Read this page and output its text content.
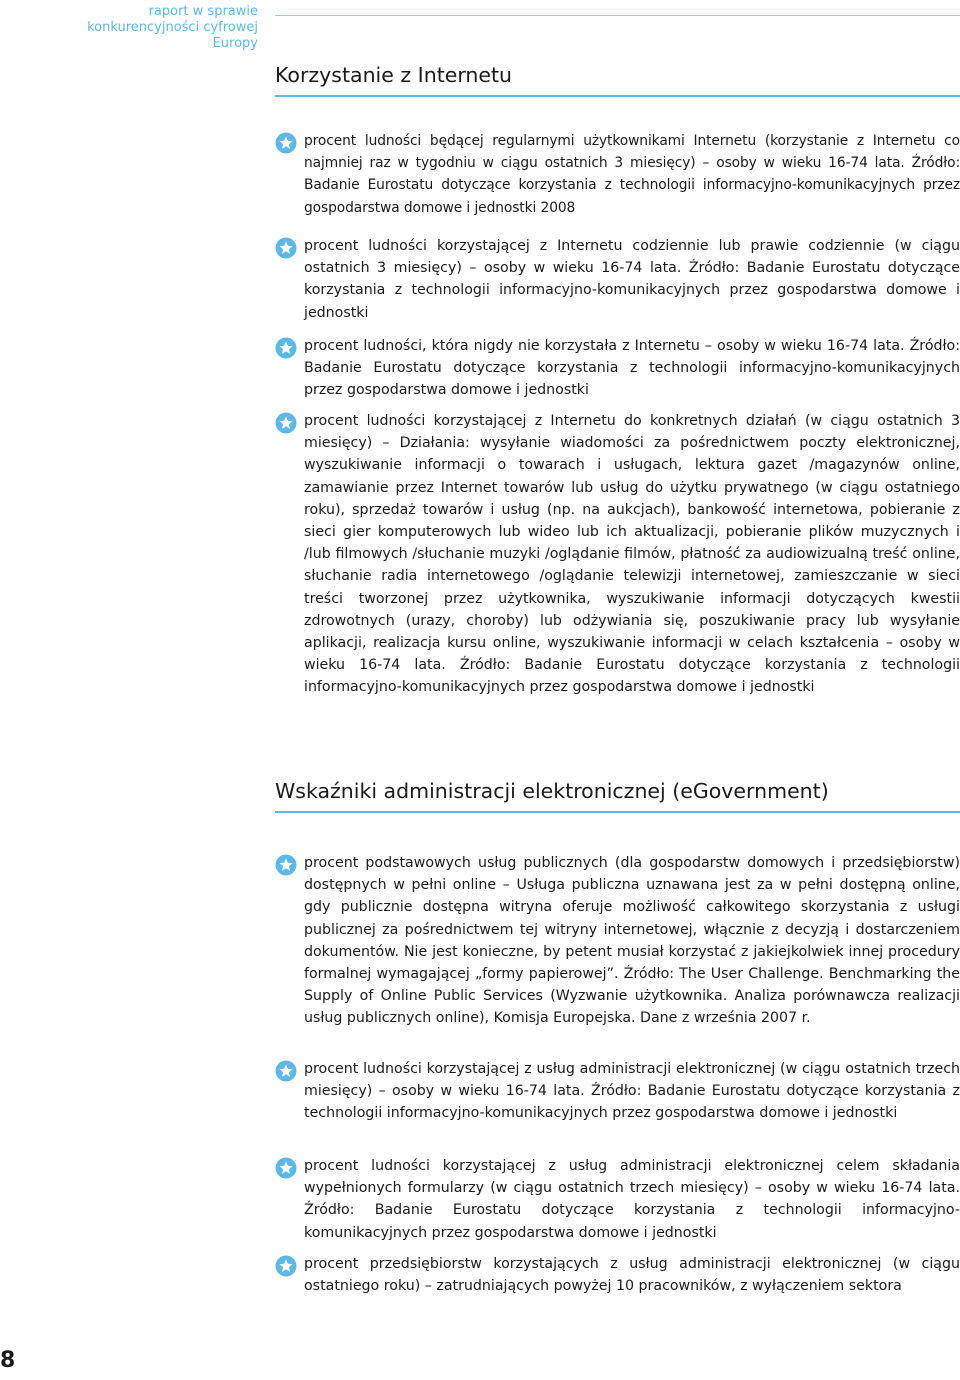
raport w sprawie
konkurencyjności cyfrowej Europy
Korzystanie z Internetu

procent ludności będącej regularnymi użytkownikami Internetu (korzystanie z Internetu co najmniej raz w tygodniu w ciągu ostatnich 3 miesięcy) – osoby w wieku 16-74 lata. Źródło: Badanie Eurostatu dotyczące korzystania z technologii informacyjno-komunikacyjnych przez gospodarstwa domowe i jednostki 2008

procent ludności korzystającej z Internetu codziennie lub prawie codziennie (w ciągu ostatnich 3 miesięcy) – osoby w wieku 16-74 lata. Źródło: Badanie Eurostatu dotyczące korzystania z technologii informacyjno-komunikacyjnych przez gospodarstwa domowe i jednostki

procent ludności, która nigdy nie korzystała z Internetu – osoby w wieku 16-74 lata. Źródło: Badanie Eurostatu dotyczące korzystania z technologii informacyjno-komunikacyjnych przez gospodarstwa domowe i jednostki

procent ludności korzystającej z Internetu do konkretnych działań (w ciągu ostatnich 3 miesięcy) – Działania: wysyłanie wiadomości za pośrednictwem poczty elektronicznej, wyszukiwanie informacji o towarach i usługach, lektura gazet /magazynów online, zamawianie przez Internet towarów lub usług do użytku prywatnego (w ciągu ostatniego roku), sprzedaż towarów i usług (np. na aukcjach), bankowość internetowa, pobieranie z sieci gier komputerowych lub wideo lub ich aktualizacji, pobieranie plików muzycznych i /lub filmowych /słuchanie muzyki /oglądanie filmów, płatność za audiowizualną treść online, słuchanie radia internetowego /oglądanie telewizji internetowej, zamieszczanie w sieci treści tworzonej przez użytkownika, wyszukiwanie informacji dotyczących kwestii zdrowotnych (urazy, choroby) lub odżywiania się, poszukiwanie pracy lub wysyłanie aplikacji, realizacja kursu online, wyszukiwanie informacji w celach kształcenia – osoby w wieku 16-74 lata. Źródło: Badanie Eurostatu dotyczące korzystania z technologii informacyjno-komunikacyjnych przez gospodarstwa domowe i jednostki

Wskaźniki administracji elektronicznej (eGovernment)

procent podstawowych usług publicznych (dla gospodarstw domowych i przedsiębiorstw) dostępnych w pełni online – Usługa publiczna uznawana jest za w pełni dostępną online, gdy publicznie dostępna witryna oferuje możliwość całkowitego skorzystania z usługi publicznej za pośrednictwem tej witryny internetowej, włącznie z decyzją i dostarczeniem dokumentów. Nie jest konieczne, by petent musiał korzystać z jakiejkolwiek innej procedury formalnej wymagającej „formy papierowej”. Źródło: The User Challenge. Benchmarking the Supply of Online Public Services (Wyzwanie użytkownika. Analiza porównawcza realizacji usług publicznych online), Komisja Europejska. Dane z września 2007 r.

procent ludności korzystającej z usług administracji elektronicznej (w ciągu ostatnich trzech miesięcy) – osoby w wieku 16-74 lata. Źródło: Badanie Eurostatu dotyczące korzystania z technologii informacyjno-komunikacyjnych przez gospodarstwa domowe i jednostki

procent ludności korzystającej z usług administracji elektronicznej celem składania wypełnionych formularzy (w ciągu ostatnich trzech miesięcy) – osoby w wieku 16-74 lata. Źródło: Badanie Eurostatu dotyczące korzystania z technologii informacyjno-komunikacyjnych przez gospodarstwa domowe i jednostki

procent przedsiębiorstw korzystających z usług administracji elektronicznej (w ciągu ostatniego roku) – zatrudniających powyżej 10 pracowników, z wyłączeniem sektora

8
